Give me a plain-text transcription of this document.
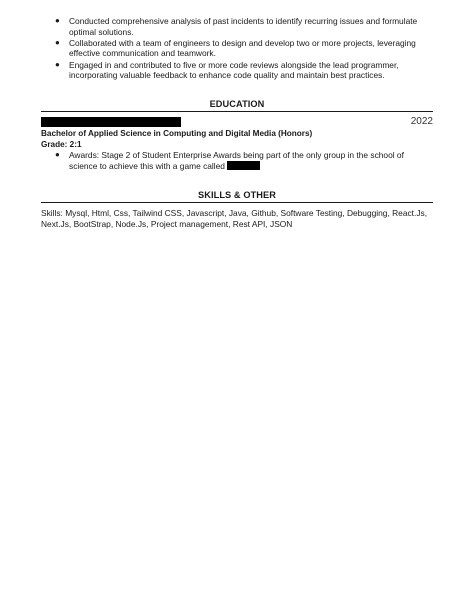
● Conducted comprehensive analysis of past incidents to identify recurring issues and formulate optimal solutions.
● Collaborated with a team of engineers to design and develop two or more projects, leveraging effective communication and teamwork.
● Engaged in and contributed to five or more code reviews alongside the lead programmer, incorporating valuable feedback to enhance code quality and maintain best practices.
EDUCATION
2022
Bachelor of Applied Science in Computing and Digital Media (Honors)
Grade: 2:1
● Awards: Stage 2 of Student Enterprise Awards being part of the only group in the school of science to achieve this with a game called
SKILLS & OTHER
Skills: Mysql, Html, Css, Tailwind CSS, Javascript, Java, Github, Software Testing, Debugging, React.Js, Next.Js, BootStrap, Node.Js, Project management, Rest API, JSON
